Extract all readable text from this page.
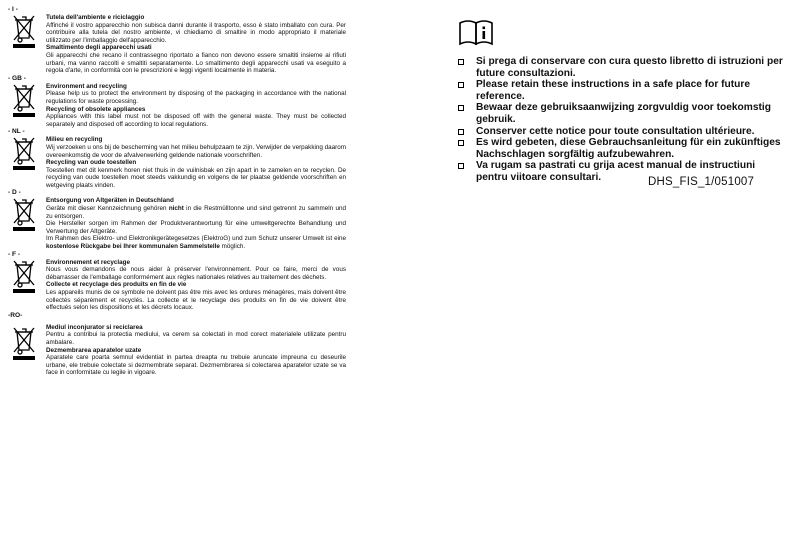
- I -
Tutela dell'ambiente e riciclaggio
Affinché il vostro apparecchio non subisca danni durante il trasporto, esso è stato imballato con cura. Per contribuire alla tutela del nostro ambiente, vi chiediamo di smaltire in modo appropriato il materiale utilizzato per l'imballaggio dell'apparecchio.
Smaltimento degli apparecchi usati
Gli apparecchi che recano il contrassegno riportato a fianco non devono essere smaltiti insieme ai rifiuti urbani, ma vanno raccolti e smaltiti separatamente. Lo smaltimento degli apparecchi usati va eseguito a regola d'arte, in conformità con le prescrizioni e leggi vigenti localmente in materia.
- GB -
Environment and recycling
Please help us to protect the environment by disposing of the packaging in accordance with the national regulations for waste processing.
Recycling of obsolete appliances
Appliances with this label must not be disposed off with the general waste. They must be collected separately and disposed off according to local regulations.
- NL -
Milieu en recycling
Wij verzoeken u ons bij de bescherming van het milieu behulpzaam te zijn. Verwijder de verpakking daarom overeenkomstig de voor de afvalverwerking geldende nationale voorschriften.
Recycling van oude toestellen
Toestellen met dit kenmerk horen niet thuis in de vuilnisbak en zijn apart in te zamelen en te recyclen. De recycling van oude toestellen moet steeds vakkundig en volgens de ter plaatse geldende voorschriften en wetgeving plaats vinden.
- D -
Entsorgung von Altgeräten in Deutschland
Geräte mit dieser Kennzeichnung gehören nicht in die Restmülltonne und sind getrennt zu sammeln und zu entsorgen.
Die Hersteller sorgen im Rahmen der Produktverantwortung für eine umweltgerechte Behandlung und Verwertung der Altgeräte.
Im Rahmen des Elektro- und Elektronikgerätegesetzes (ElektroG) und zum Schutz unserer Umwelt ist eine kostenlose Rückgabe bei Ihrer kommunalen Sammelstelle möglich.
- F -
Environnement et recyclage
Nous vous demandons de nous aider à préserver l'environnement. Pour ce faire, merci de vous débarrasser de l'emballage conformément aux règles nationales relatives au traitement des déchets.
Collecte et recyclage des produits en fin de vie
Les appareils munis de ce symbole ne doivent pas être mis avec les ordures ménagères, mais doivent être collectés séparément et recyclés. La collecte et le recyclage des produits en fin de vie doivent être effectués selon les dispositions et les décrets locaux.
-RO-
Mediul inconjurator si reciclarea
Pentru a contribui la protectia mediului, va cerem sa colectati in mod corect materialele utilizate pentru ambalare.
Dezmembrarea aparatelor uzate
Aparatele care poarta semnul evidentiat in partea dreapta nu trebuie aruncate impreuna cu deseurile urbane, ele trebuie colectate si dezmembrate separat. Dezmembrarea si colectarea aparatelor uzate se va face in conformitate cu legile in vigoare.
Si prega di conservare con cura questo libretto di istruzioni per future consultazioni.
Please retain these instructions in a safe place for future reference.
Bewaar deze gebruiksaanwijzing zorgvuldig voor toekomstig gebruik.
Conserver cette notice pour toute consultation ultérieure.
Es wird gebeten, diese Gebrauchsanleitung für ein zukünftiges Nachschlagen sorgfältig aufzubewahren.
Va rugam sa pastrati cu grija acest manual de instructiuni pentru viitoare consultari.	DHS_FIS_1/051007
